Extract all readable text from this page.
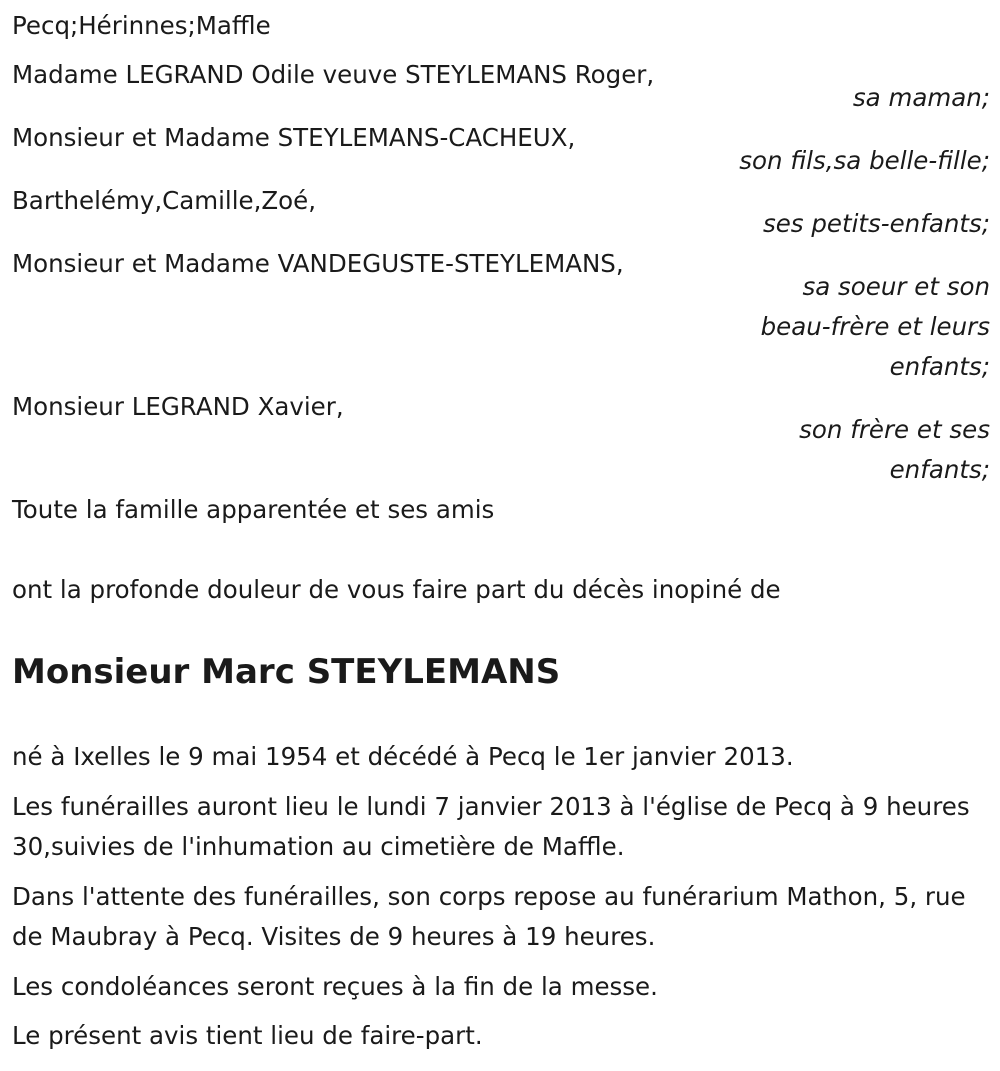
Pecq;Hérinnes;Maffle
Madame LEGRAND Odile veuve STEYLEMANS Roger,
sa maman;
Monsieur et Madame STEYLEMANS-CACHEUX,
son fils,sa belle-fille;
Barthelémy,Camille,Zoé,
ses petits-enfants;
Monsieur et Madame VANDEGUSTE-STEYLEMANS,
sa soeur et son
beau-frère et leurs
enfants;
Monsieur LEGRAND Xavier,
son frère et ses
enfants;
Toute la famille apparentée et ses amis
ont la profonde douleur de vous faire part du décès inopiné de
Monsieur Marc STEYLEMANS
né à Ixelles le 9 mai 1954 et décédé à Pecq le 1er janvier 2013.
Les funérailles auront lieu le lundi 7 janvier 2013 à l'église de Pecq à 9 heures 30,suivies de l'inhumation au cimetière de Maffle.
Dans l'attente des funérailles, son corps repose au funérarium Mathon, 5, rue de Maubray à Pecq. Visites de 9 heures à 19 heures.
Les condoléances seront reçues à la fin de la messe.
Le présent avis tient lieu de faire-part.
